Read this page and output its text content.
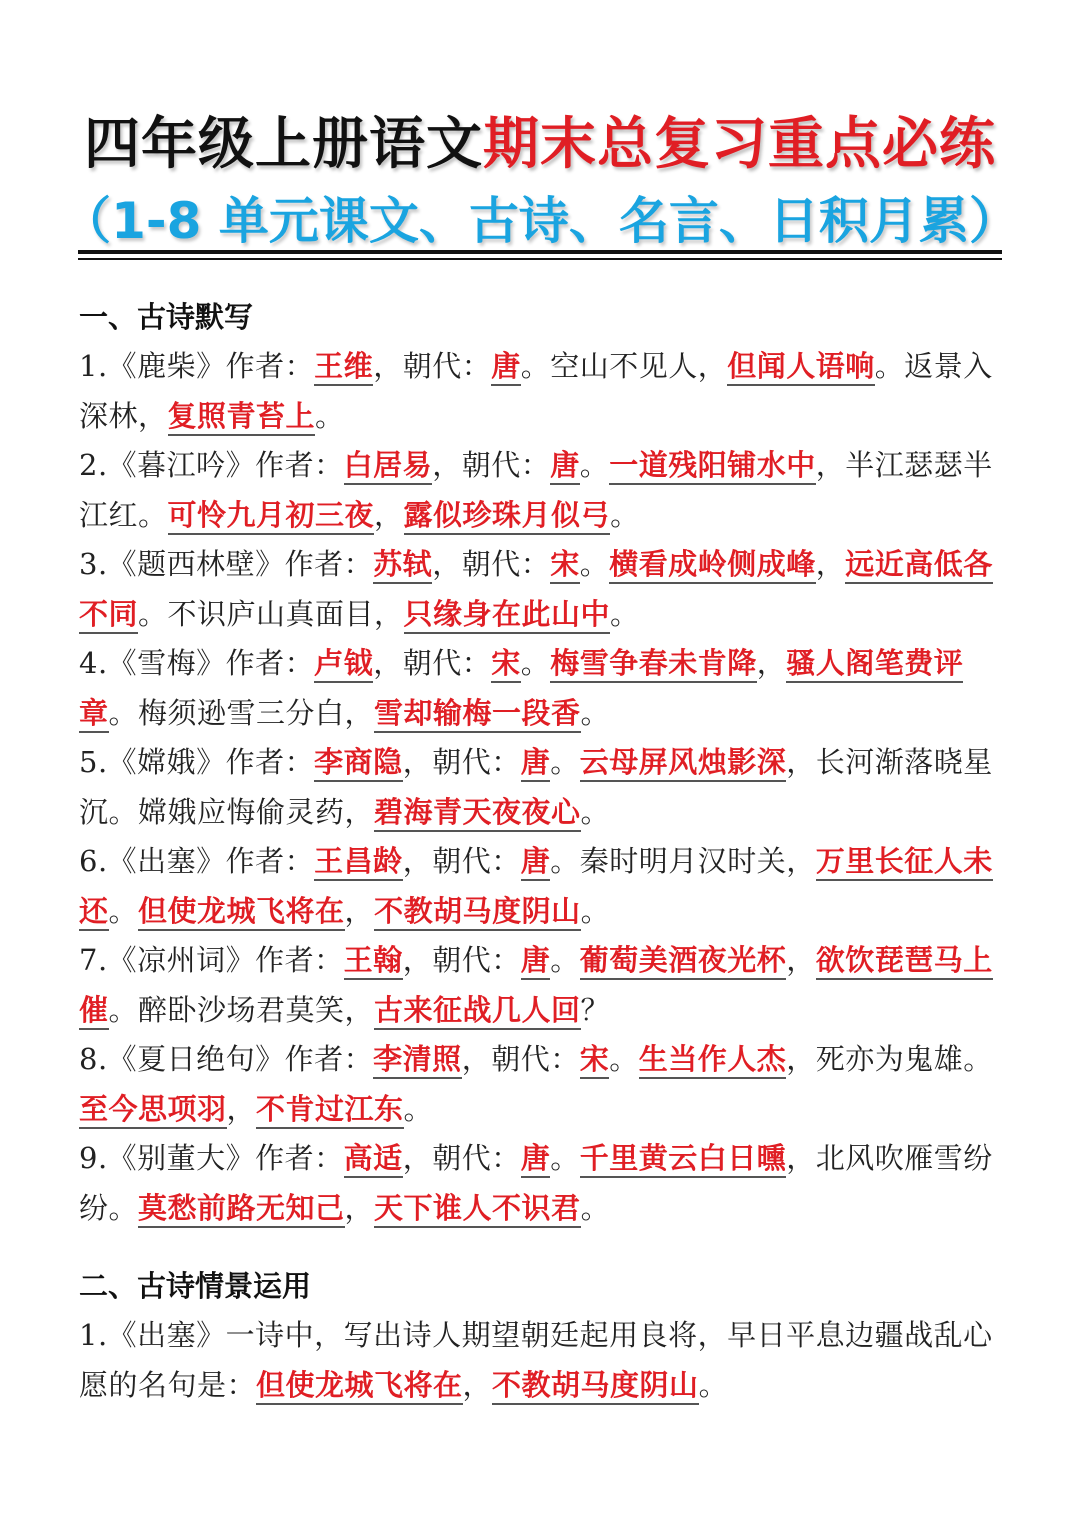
四年级上册语文期末总复习重点必练
（1-8 单元课文、古诗、名言、日积月累）
一、古诗默写

1.《鹿柴》作者：王维，朝代：唐。空山不见人，但闻人语响。返景入深林，复照青苔上。

2.《暮江吟》作者：白居易，朝代：唐。一道残阳铺水中，半江瑟瑟半江红。可怜九月初三夜，露似珍珠月似弓。

3.《题西林壁》作者：苏轼，朝代：宋。横看成岭侧成峰，远近高低各不同。不识庐山真面目，只缘身在此山中。

4.《雪梅》作者：卢钺，朝代：宋。梅雪争春未肯降，骚人阁笔费评章。梅须逊雪三分白，雪却输梅一段香。

5.《嫦娥》作者：李商隐，朝代：唐。云母屏风烛影深，长河渐落晓星沉。嫦娥应悔偷灵药，碧海青天夜夜心。

6.《出塞》作者：王昌龄，朝代：唐。秦时明月汉时关，万里长征人未还。但使龙城飞将在，不教胡马度阴山。

7.《凉州词》作者：王翰，朝代：唐。葡萄美酒夜光杯，欲饮琵琶马上催。醉卧沙场君莫笑，古来征战几人回？

8.《夏日绝句》作者：李清照，朝代：宋。生当作人杰，死亦为鬼雄。至今思项羽，不肯过江东。

9.《别董大》作者：高适，朝代：唐。千里黄云白日曛，北风吹雁雪纷纷。莫愁前路无知己，天下谁人不识君。

二、古诗情景运用

1.《出塞》一诗中，写出诗人期望朝廷起用良将，早日平息边疆战乱心愿的名句是：但使龙城飞将在，不教胡马度阴山。
